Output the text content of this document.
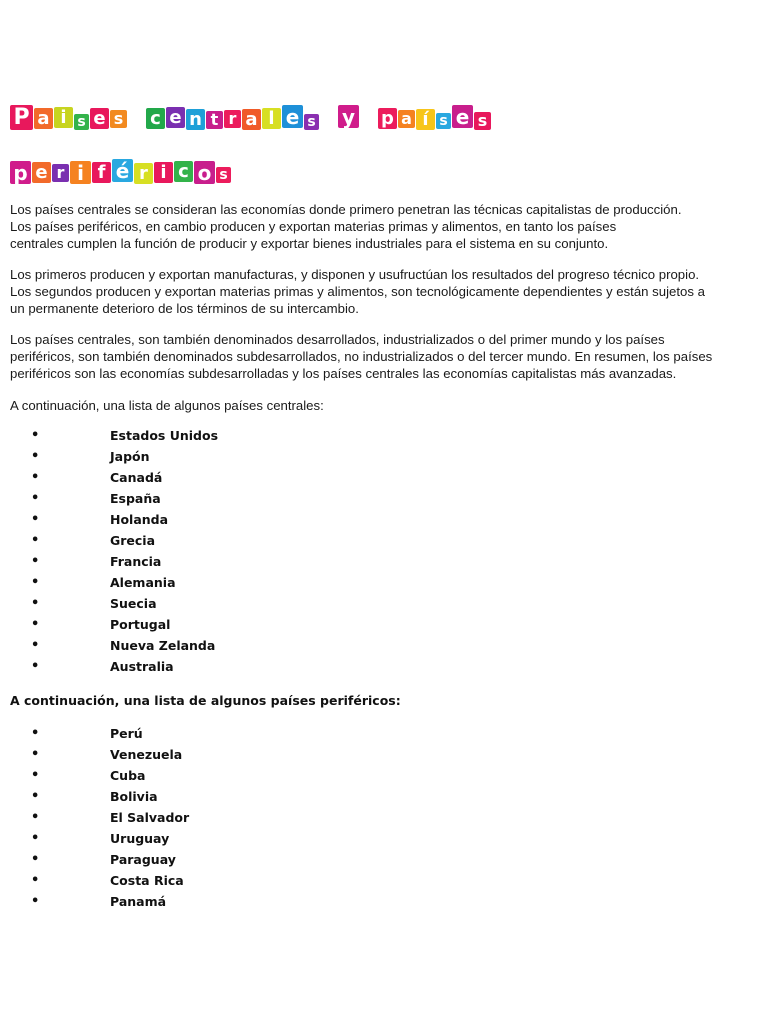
P a i s e s c e n t r a l e s y p a í s e s
p e r i f é r i c o s

Los países centrales se consideran las economías donde primero penetran las técnicas capitalistas de producción.
Los países periféricos, en cambio producen y exportan materias primas y alimentos, en tanto los países
centrales cumplen la función de producir y exportar bienes industriales para el sistema en su conjunto.

Los primeros producen y exportan manufacturas, y disponen y usufructúan los resultados del progreso técnico propio.
Los segundos producen y exportan materias primas y alimentos, son tecnológicamente dependientes y están sujetos a
un permanente deterioro de los términos de su intercambio.

Los países centrales, son también denominados desarrollados, industrializados o del primer mundo y los países
periféricos, son también denominados subdesarrollados, no industrializados o del tercer mundo. En resumen, los países
periféricos son las economías subdesarrolladas y los países centrales las economías capitalistas más avanzadas.

A continuación, una lista de algunos países centrales:

•	Estados Unidos
•	Japón
•	Canadá
•	España
•	Holanda
•	Grecia
•	Francia
•	Alemania
•	Suecia
•	Portugal
•	Nueva Zelanda
•	Australia
A continuación, una lista de algunos países periféricos:
•	Perú
•	Venezuela
•	Cuba
•	Bolivia
•	El Salvador
•	Uruguay
•	Paraguay
•	Costa Rica
•	Panamá
